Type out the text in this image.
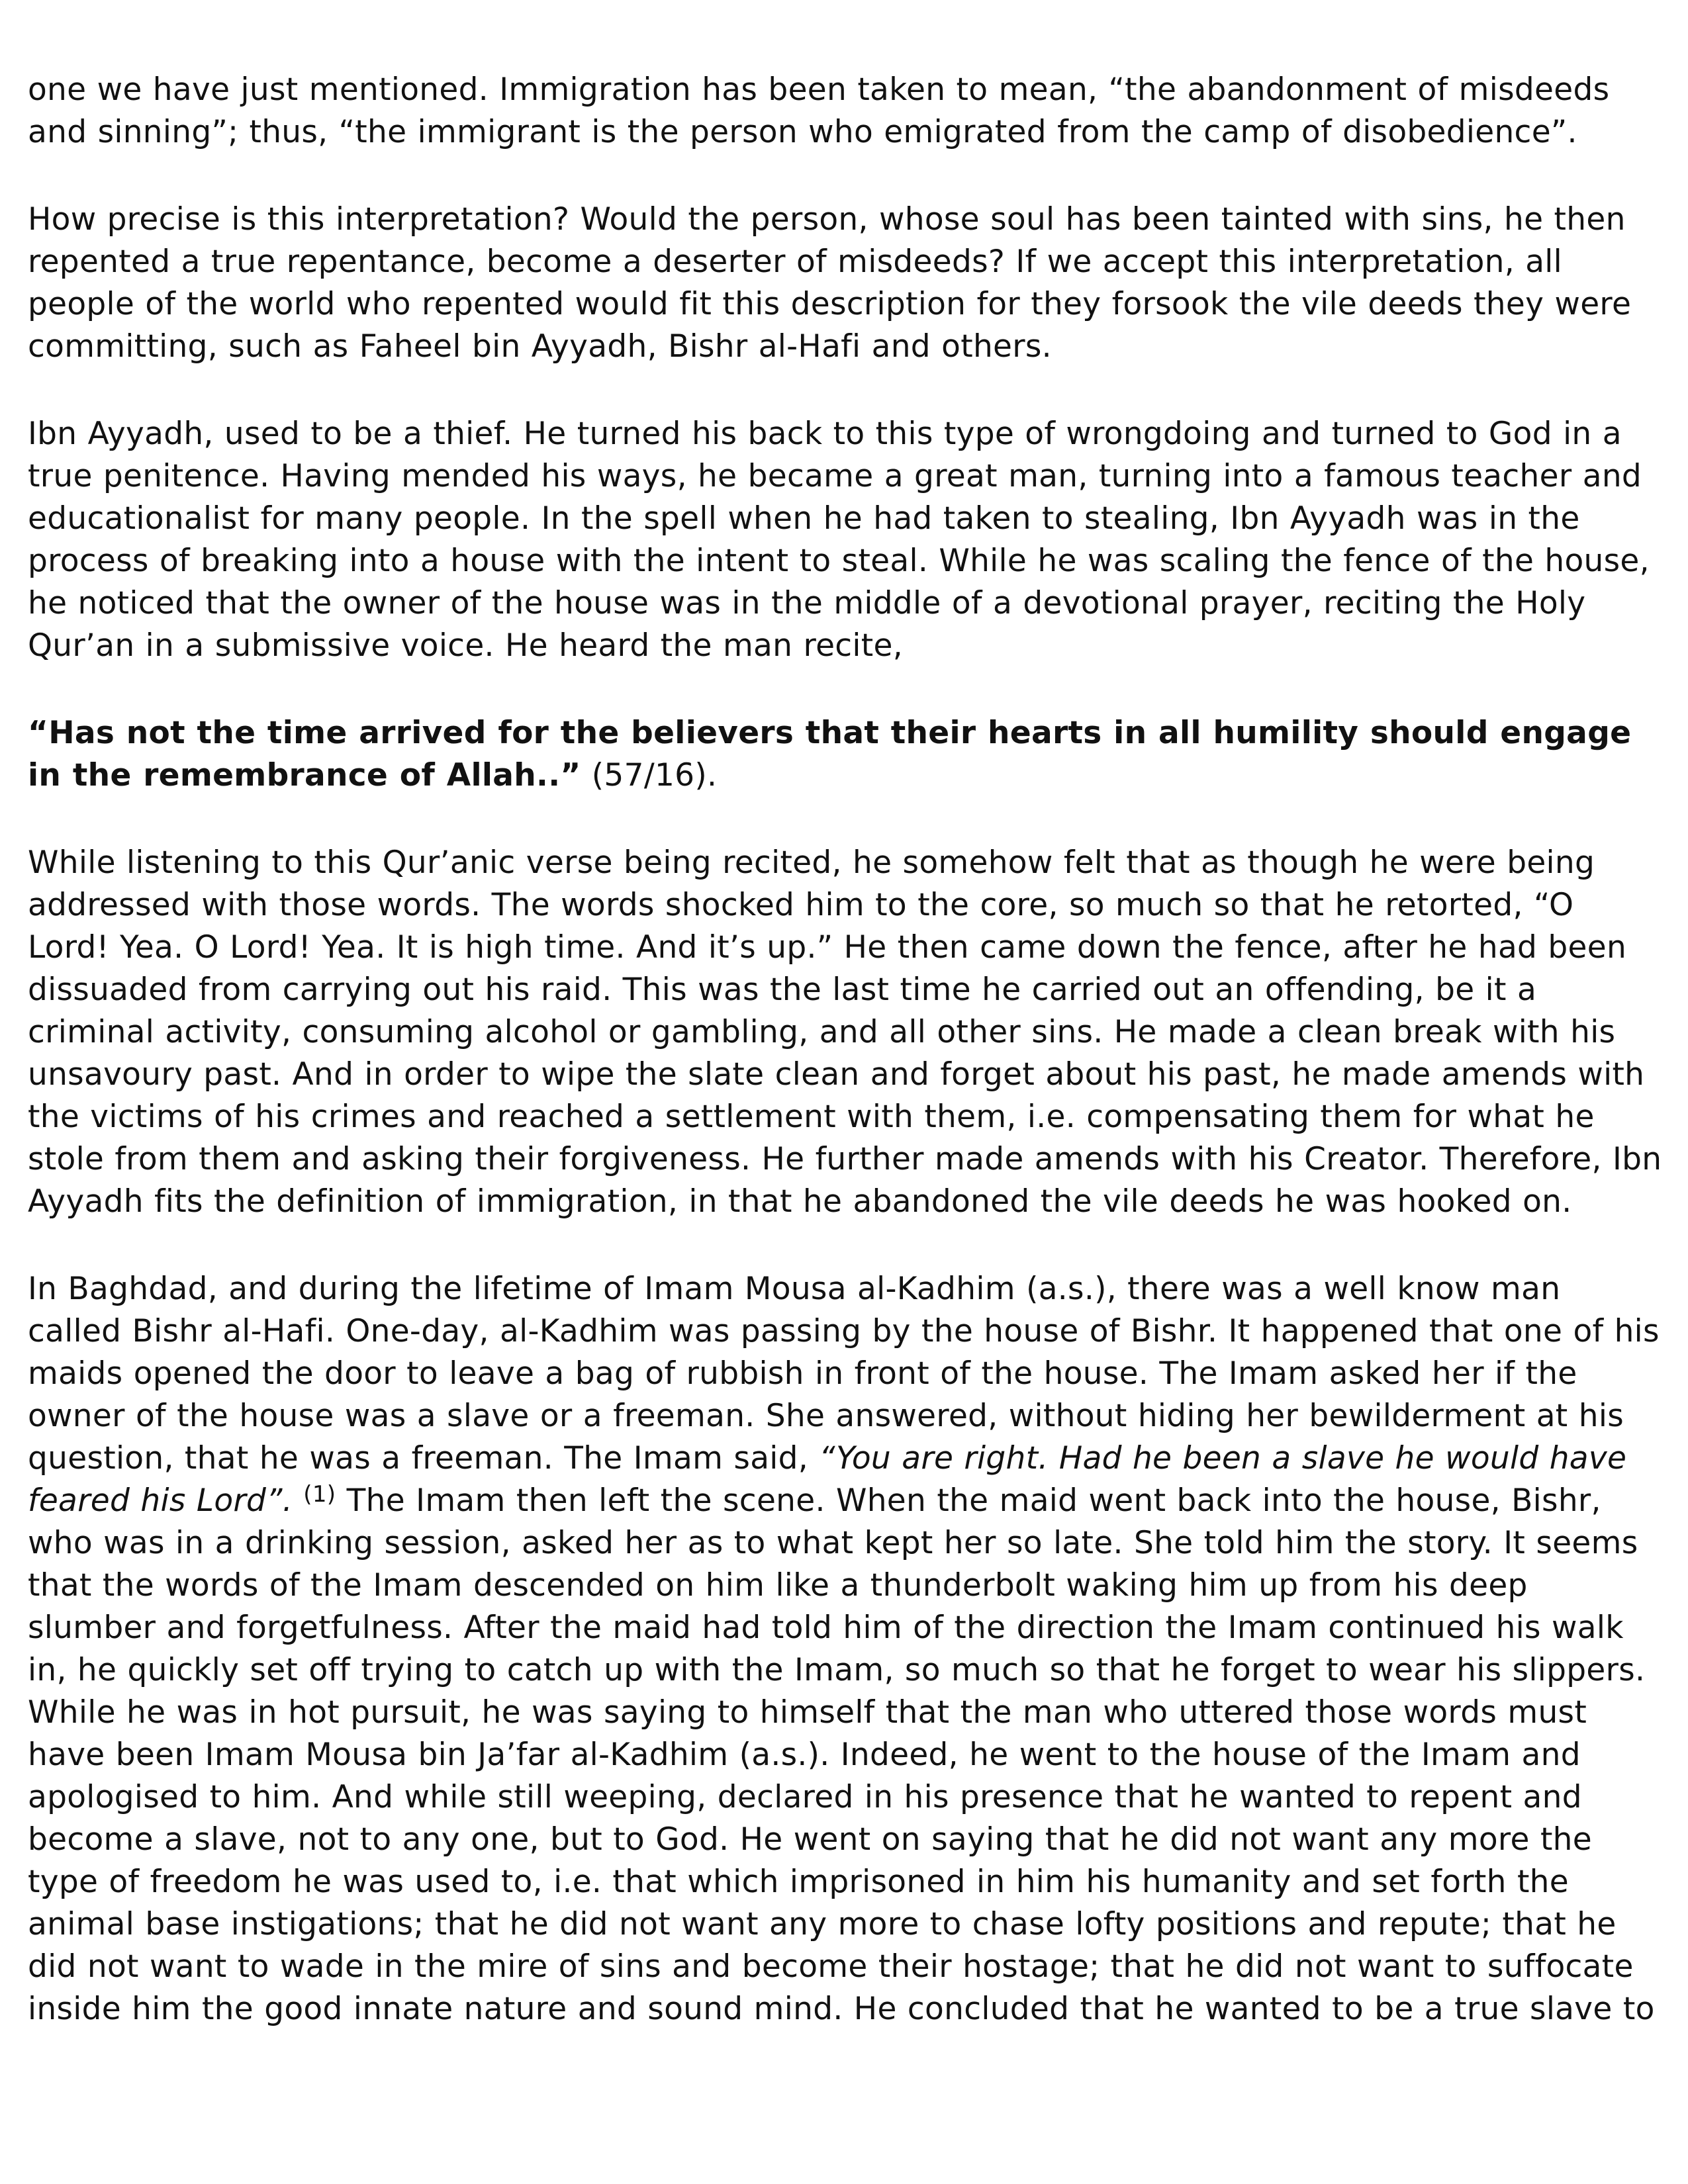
one we have just mentioned. Immigration has been taken to mean, “the abandonment of misdeeds and sinning”; thus, “the immigrant is the person who emigrated from the camp of disobedience”.

How precise is this interpretation? Would the person, whose soul has been tainted with sins, he then repented a true repentance, become a deserter of misdeeds? If we accept this interpretation, all people of the world who repented would fit this description for they forsook the vile deeds they were committing, such as Faheel bin Ayyadh, Bishr al-Hafi and others.

Ibn Ayyadh, used to be a thief. He turned his back to this type of wrongdoing and turned to God in a true penitence. Having mended his ways, he became a great man, turning into a famous teacher and educationalist for many people. In the spell when he had taken to stealing, Ibn Ayyadh was in the process of breaking into a house with the intent to steal. While he was scaling the fence of the house, he noticed that the owner of the house was in the middle of a devotional prayer, reciting the Holy Qur’an in a submissive voice. He heard the man recite,

“Has not the time arrived for the believers that their hearts in all humility should engage in the remembrance of Allah..” (57/16).

While listening to this Qur’anic verse being recited, he somehow felt that as though he were being addressed with those words. The words shocked him to the core, so much so that he retorted, “O Lord! Yea. O Lord! Yea. It is high time. And it’s up.” He then came down the fence, after he had been dissuaded from carrying out his raid. This was the last time he carried out an offending, be it a criminal activity, consuming alcohol or gambling, and all other sins. He made a clean break with his unsavoury past. And in order to wipe the slate clean and forget about his past, he made amends with the victims of his crimes and reached a settlement with them, i.e. compensating them for what he stole from them and asking their forgiveness. He further made amends with his Creator. Therefore, Ibn Ayyadh fits the definition of immigration, in that he abandoned the vile deeds he was hooked on.

In Baghdad, and during the lifetime of Imam Mousa al-Kadhim (a.s.), there was a well know man called Bishr al-Hafi. One-day, al-Kadhim was passing by the house of Bishr. It happened that one of his maids opened the door to leave a bag of rubbish in front of the house. The Imam asked her if the owner of the house was a slave or a freeman. She answered, without hiding her bewilderment at his question, that he was a freeman. The Imam said, “You are right. Had he been a slave he would have feared his Lord”. $^{(1)}$ The Imam then left the scene. When the maid went back into the house, Bishr, who was in a drinking session, asked her as to what kept her so late. She told him the story. It seems that the words of the Imam descended on him like a thunderbolt waking him up from his deep slumber and forgetfulness. After the maid had told him of the direction the Imam continued his walk in, he quickly set off trying to catch up with the Imam, so much so that he forget to wear his slippers. While he was in hot pursuit, he was saying to himself that the man who uttered those words must have been Imam Mousa bin Ja’far al-Kadhim (a.s.). Indeed, he went to the house of the Imam and apologised to him. And while still weeping, declared in his presence that he wanted to repent and become a slave, not to any one, but to God. He went on saying that he did not want any more the type of freedom he was used to, i.e. that which imprisoned in him his humanity and set forth the animal base instigations; that he did not want any more to chase lofty positions and repute; that he did not want to wade in the mire of sins and become their hostage; that he did not want to suffocate inside him the good innate nature and sound mind. He concluded that he wanted to be a true slave to
